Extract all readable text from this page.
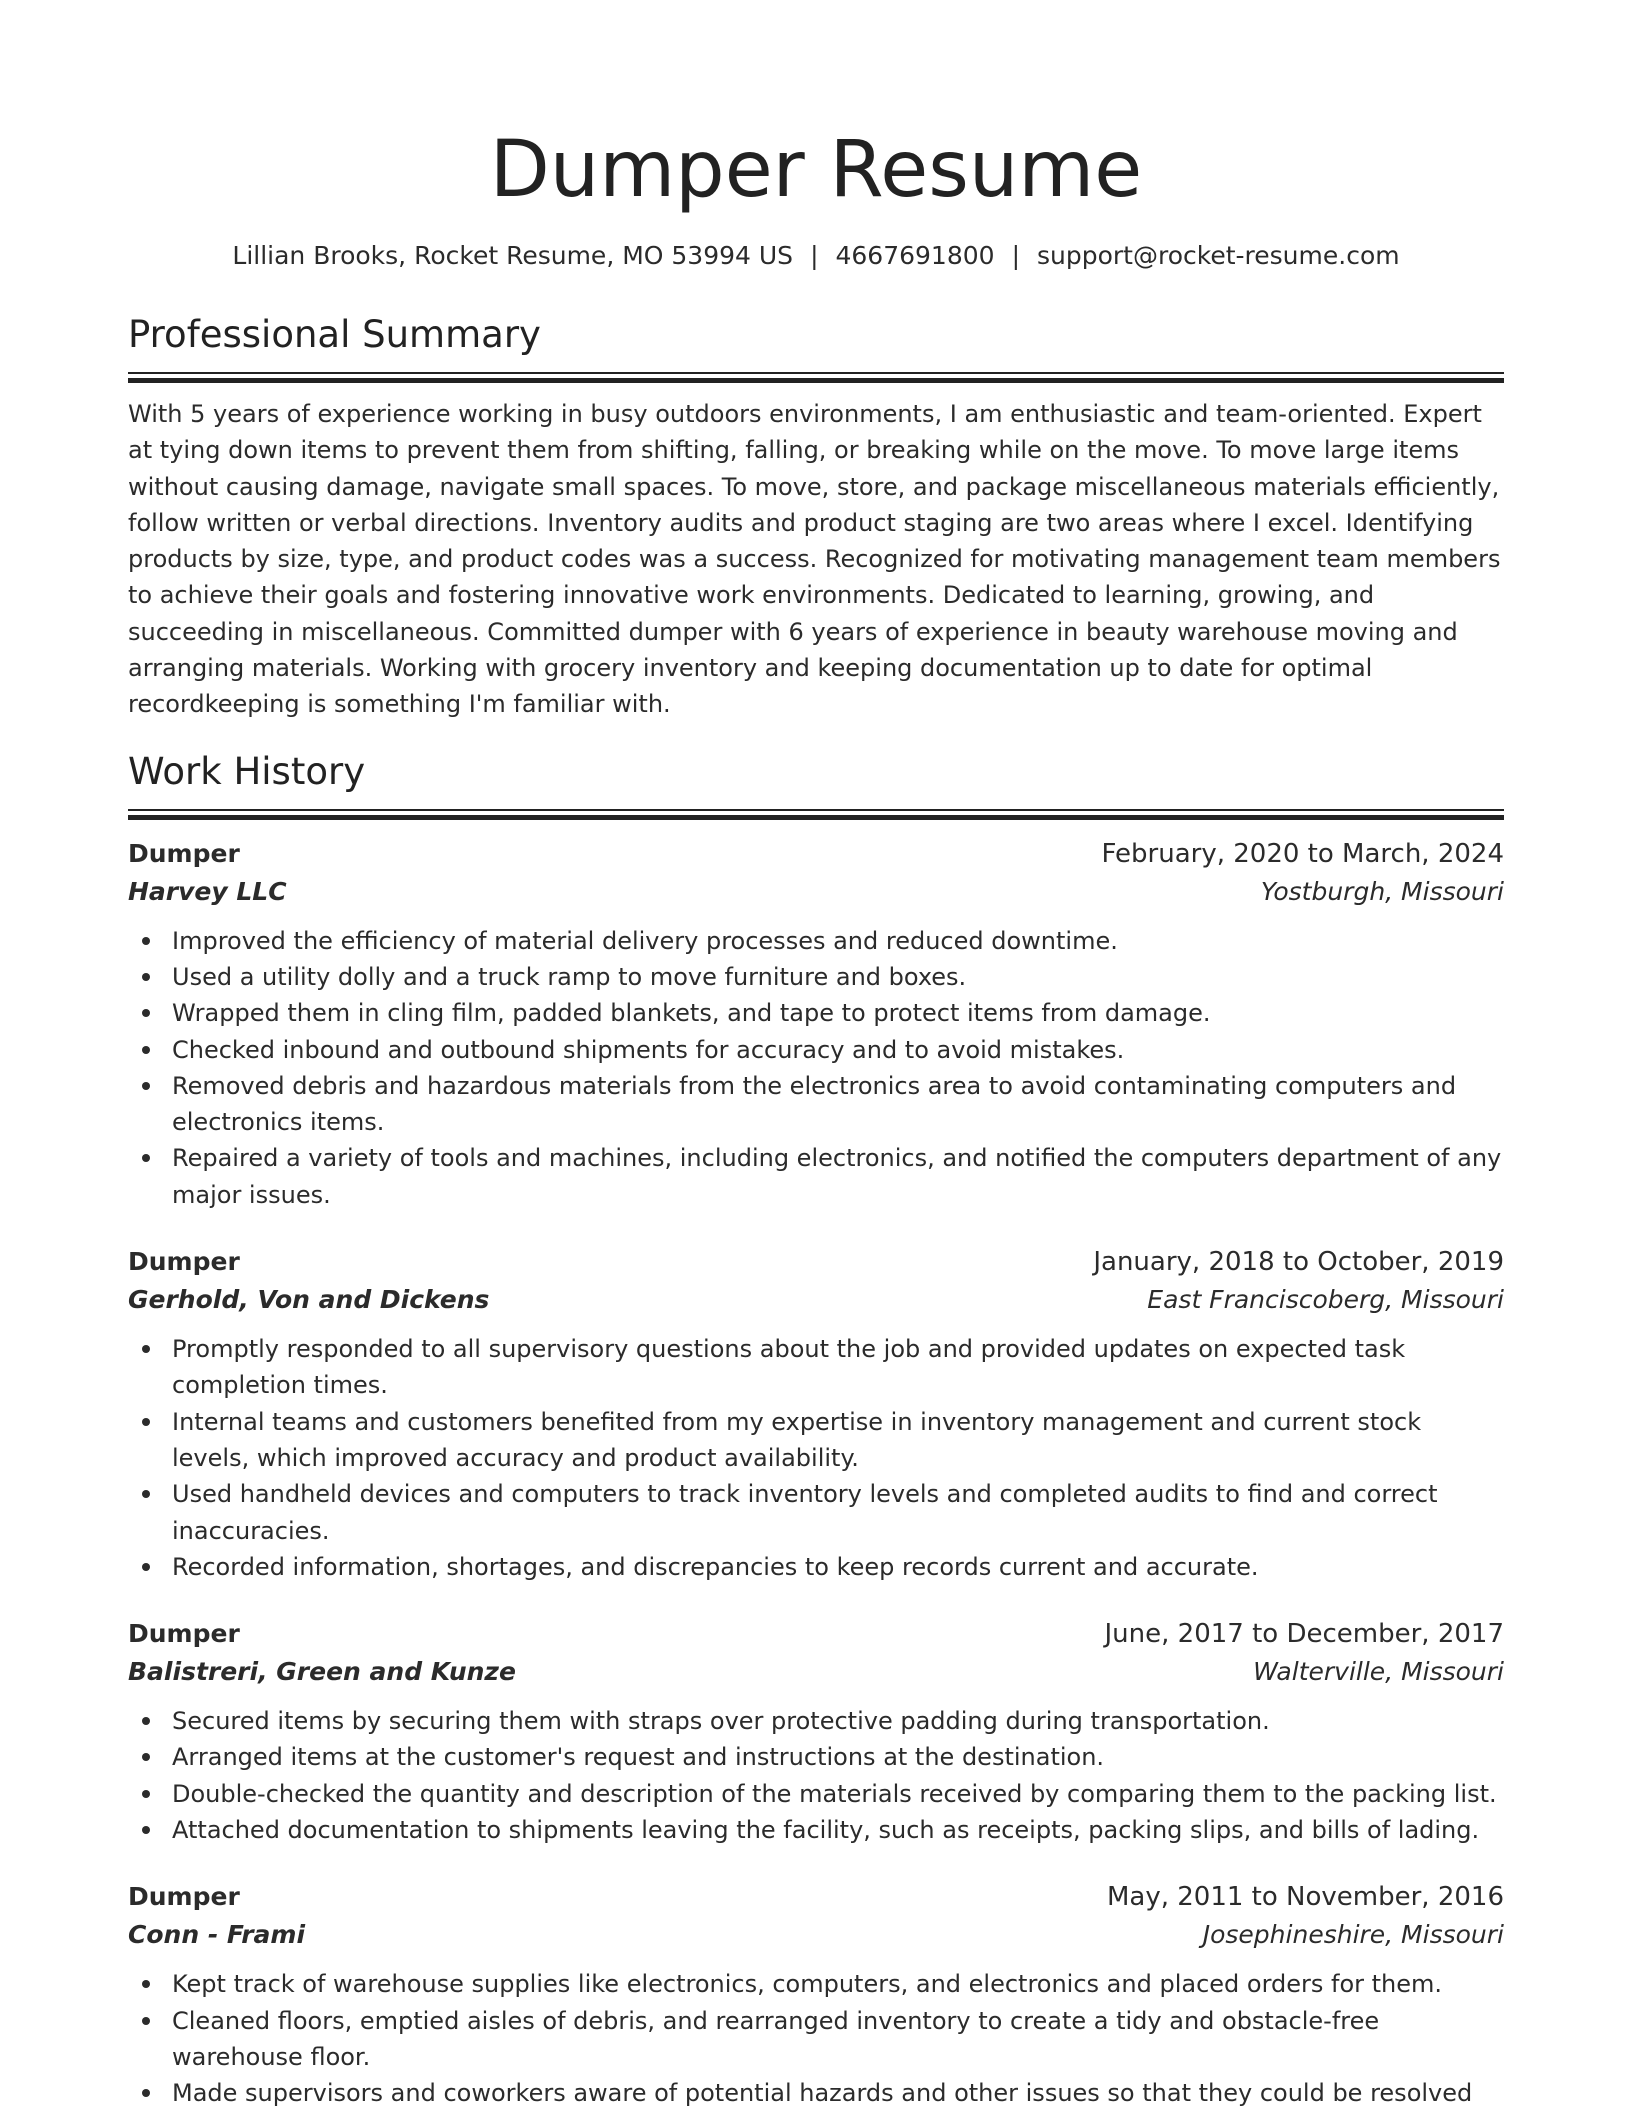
Dumper Resume
Lillian Brooks, Rocket Resume, MO 53994 US | 4667691800 | support@rocket-resume.com
Professional Summary

With 5 years of experience working in busy outdoors environments, I am enthusiastic and team-oriented. Expert at tying down items to prevent them from shifting, falling, or breaking while on the move. To move large items without causing damage, navigate small spaces. To move, store, and package miscellaneous materials efficiently, follow written or verbal directions. Inventory audits and product staging are two areas where I excel. Identifying products by size, type, and product codes was a success. Recognized for motivating management team members to achieve their goals and fostering innovative work environments. Dedicated to learning, growing, and succeeding in miscellaneous. Committed dumper with 6 years of experience in beauty warehouse moving and arranging materials. Working with grocery inventory and keeping documentation up to date for optimal recordkeeping is something I'm familiar with.

Work History
Dumper	February, 2020 to March, 2024
Harvey LLC	Yostburgh, Missouri
Improved the efficiency of material delivery processes and reduced downtime.
Used a utility dolly and a truck ramp to move furniture and boxes.
Wrapped them in cling film, padded blankets, and tape to protect items from damage.
Checked inbound and outbound shipments for accuracy and to avoid mistakes.
Removed debris and hazardous materials from the electronics area to avoid contaminating computers and electronics items.
Repaired a variety of tools and machines, including electronics, and notified the computers department of any major issues.
Dumper	January, 2018 to October, 2019
Gerhold, Von and Dickens	East Franciscoberg, Missouri
Promptly responded to all supervisory questions about the job and provided updates on expected task completion times.
Internal teams and customers benefited from my expertise in inventory management and current stock levels, which improved accuracy and product availability.
Used handheld devices and computers to track inventory levels and completed audits to find and correct inaccuracies.
Recorded information, shortages, and discrepancies to keep records current and accurate.
Dumper	June, 2017 to December, 2017
Balistreri, Green and Kunze	Walterville, Missouri
Secured items by securing them with straps over protective padding during transportation.
Arranged items at the customer's request and instructions at the destination.
Double-checked the quantity and description of the materials received by comparing them to the packing list.
Attached documentation to shipments leaving the facility, such as receipts, packing slips, and bills of lading.
Dumper	May, 2011 to November, 2016
Conn - Frami	Josephineshire, Missouri
Kept track of warehouse supplies like electronics, computers, and electronics and placed orders for them.
Cleaned floors, emptied aisles of debris, and rearranged inventory to create a tidy and obstacle-free warehouse floor.
Made supervisors and coworkers aware of potential hazards and other issues so that they could be resolved
